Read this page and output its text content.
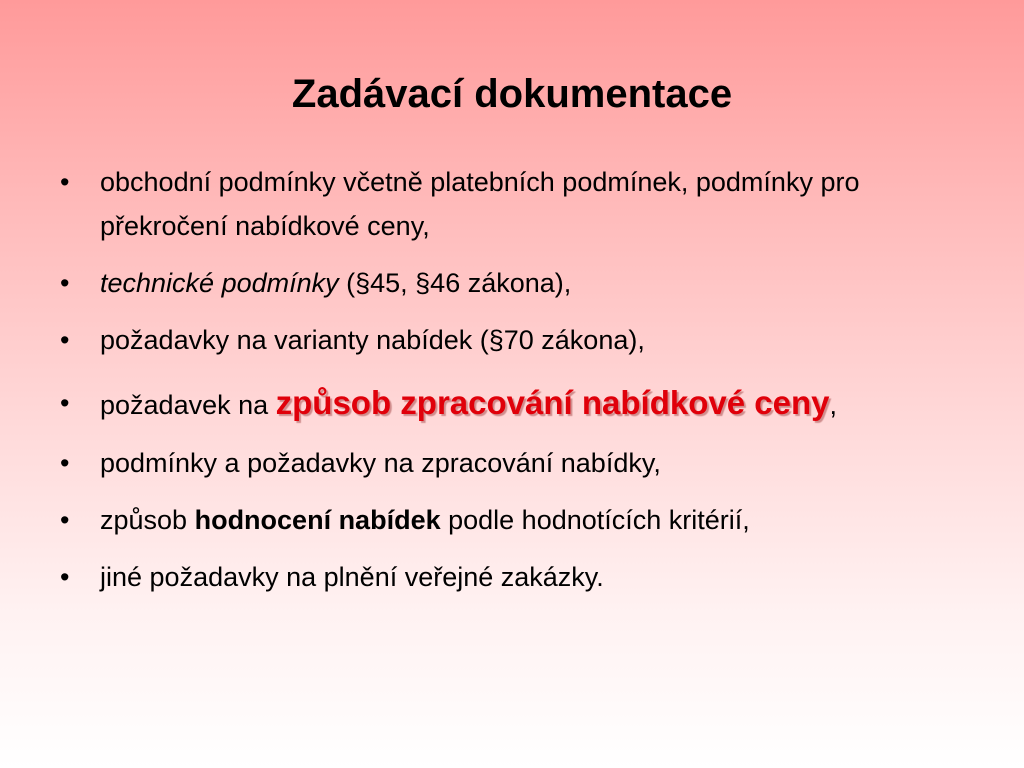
Zadávací dokumentace
• obchodní podmínky včetně platebních podmínek, podmínky pro překročení nabídkové ceny,
• technické podmínky (§45, §46 zákona),
• požadavky na varianty nabídek (§70 zákona),
• požadavek na způsob zpracování nabídkové ceny,
• podmínky a požadavky na zpracování nabídky,
• způsob hodnocení nabídek podle hodnotících kritérií,
• jiné požadavky na plnění veřejné zakázky.
